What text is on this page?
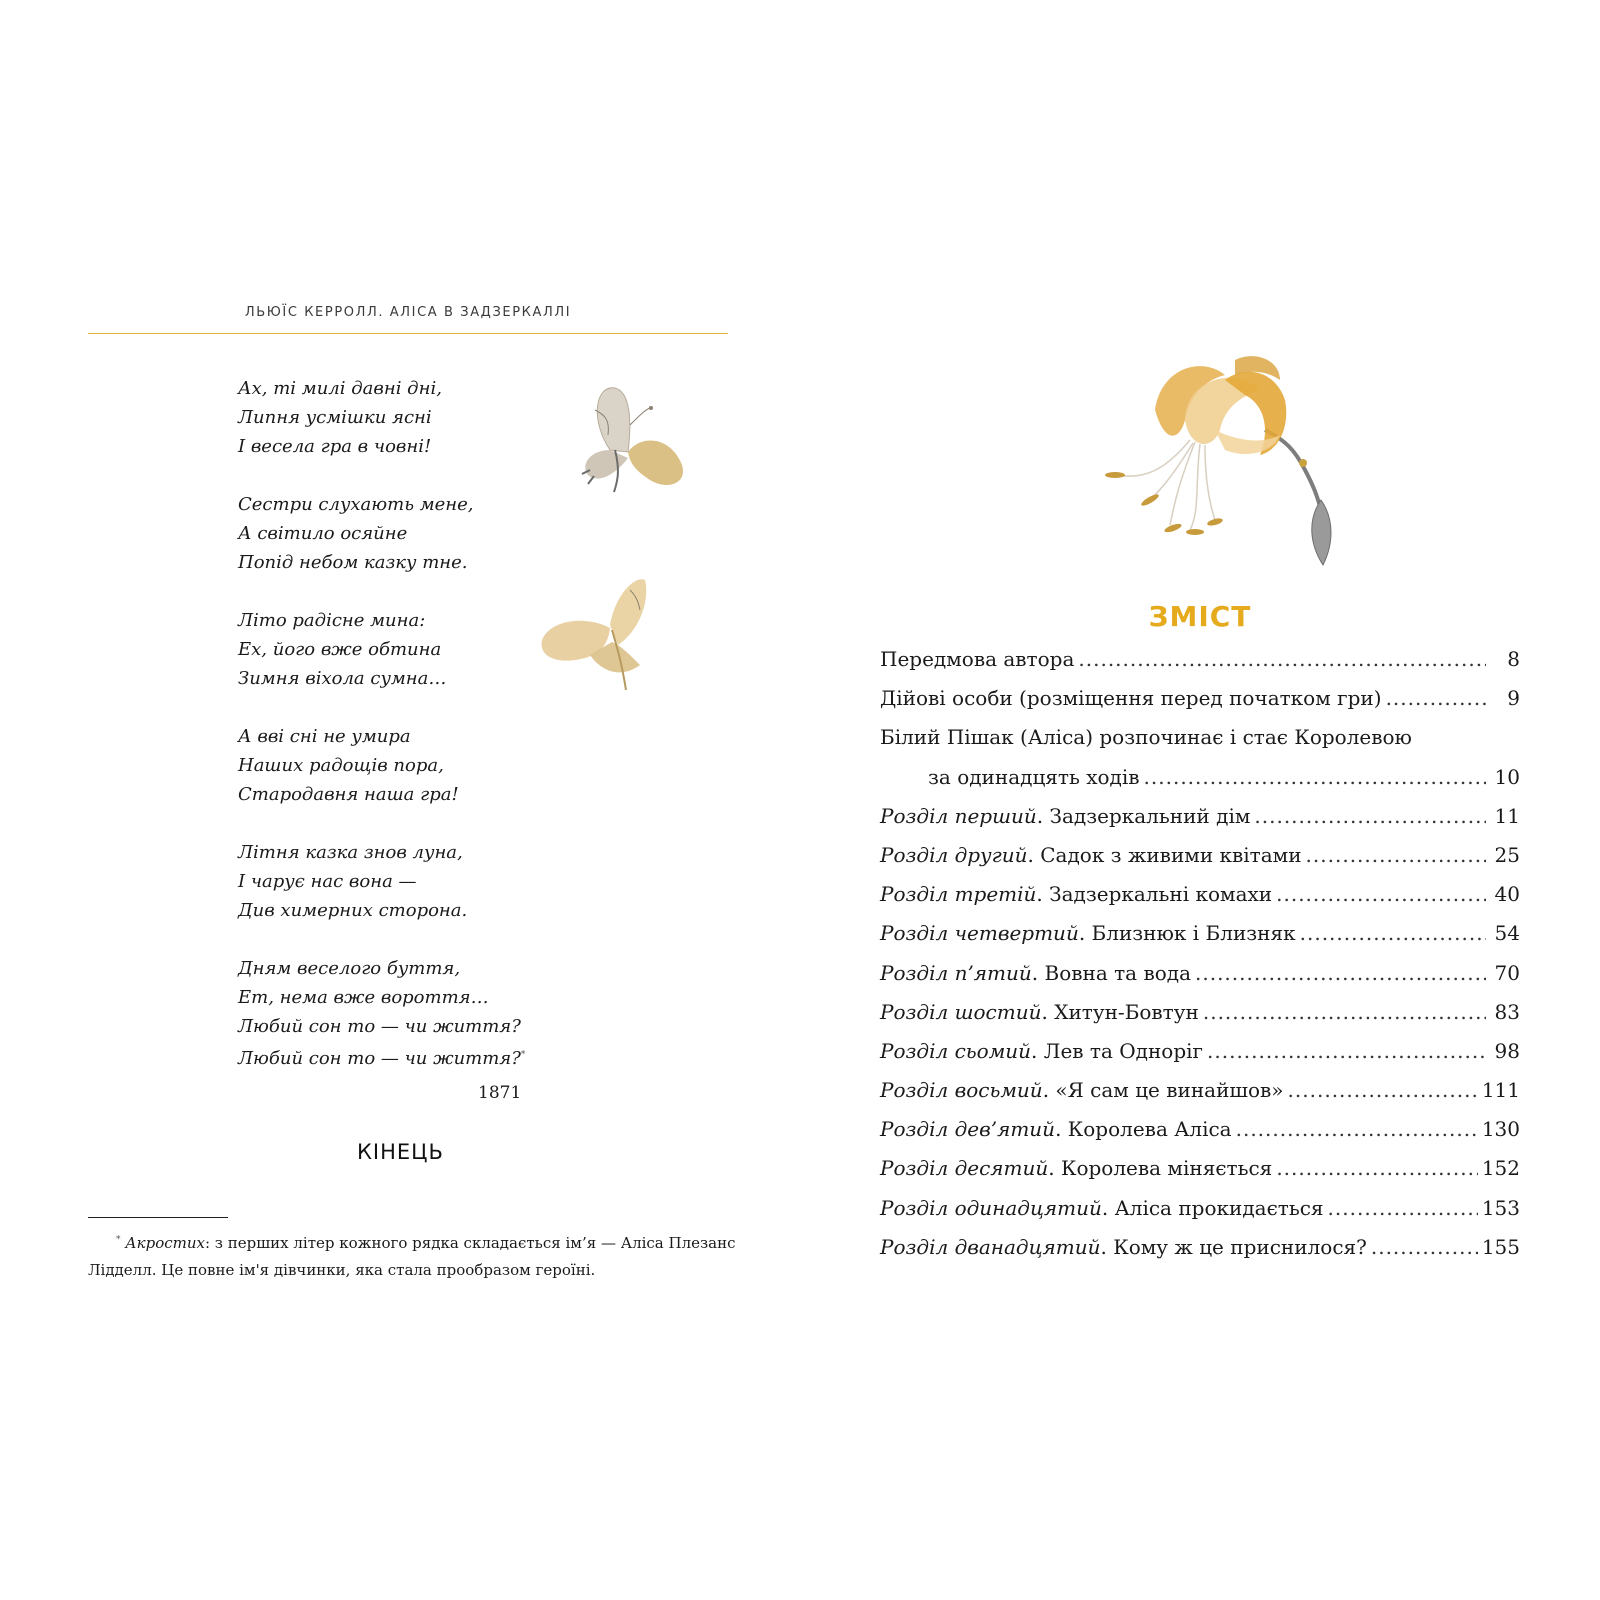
ЛЬЮЇС КЕРРОЛЛ. АЛІСА В ЗАДЗЕРКАЛЛІ
Ах, ті милі давні дні,
Липня усмішки ясні
І весела гра в човні!
Сестри слухають мене,
А світило осяйне
Попід небом казку тне.
Літо радісне мина:
Ех, його вже обтина
Зимня віхола сумна…
А вві сні не умира
Наших радощів пора,
Стародавня наша гра!
Літня казка знов луна,
І чарує нас вона —
Див химерних сторона.
Дням веселого буття,
Ет, нема вже вороття…
Любий сон то — чи життя?
Любий сон то — чи життя?*
1871
КІНЕЦЬ
* Акростих: з перших літер кожного рядка складається ім’я — Аліса Плезанс Лідделл. Це повне ім'я дівчинки, яка стала прообразом героїні.
ЗМІСТ
Передмова автора .....	8
Дійові особи (розміщення перед початком гри) .....	9
Білий Пішак (Аліса) розпочинає і стає Королевою
за одинадцять ходів .....	10
Розділ перший. Задзеркальний дім .....	11
Розділ другий. Садок з живими квітами .....	25
Розділ третій. Задзеркальні комахи .....	40
Розділ четвертий. Близнюк і Близняк .....	54
Розділ п’ятий. Вовна та вода .....	70
Розділ шостий. Хитун-Бовтун .....	83
Розділ сьомий. Лев та Одноріг .....	98
Розділ восьмий. «Я сам це винайшов» .....	111
Розділ дев’ятий. Королева Аліса .....	130
Розділ десятий. Королева міняється .....	152
Розділ одинадцятий. Аліса прокидається .....	153
Розділ дванадцятий. Кому ж це приснилося? .....	155
